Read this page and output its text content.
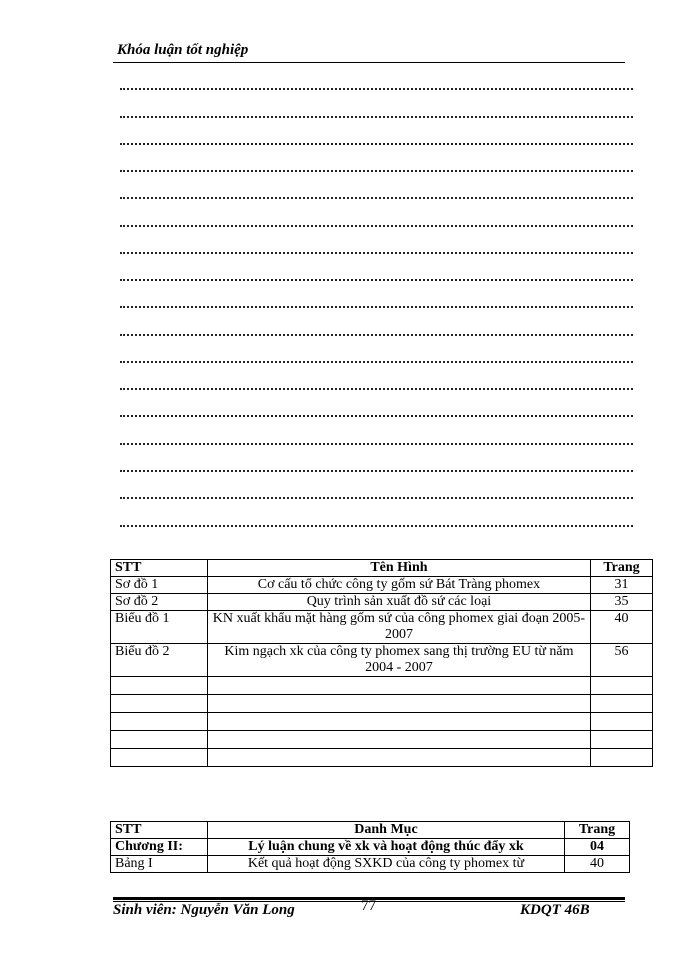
Khóa luận tốt nghiệp
STT	Tên Hình	Trang
Sơ đồ 1	Cơ cấu tổ chức công ty gốm sứ Bát Tràng phomex	31
Sơ đồ 2	Quy trình sản xuất đồ sứ các loại	35
Biểu đồ 1	KN xuất khẩu mặt hàng gốm sứ của công phomex giai đoạn 2005-2007	40
Biểu đồ 2	Kim ngạch xk của công ty phomex sang thị trường EU từ năm 2004 - 2007	56

STT	Danh Mục	Trang
Chương II:	Lý luận chung về xk và hoạt động thúc đẩy xk	04
Bảng I	Kết quả hoạt động SXKD của công ty phomex từ	40
Sinh viên: Nguyễn Văn Long	77	KDQT 46B
